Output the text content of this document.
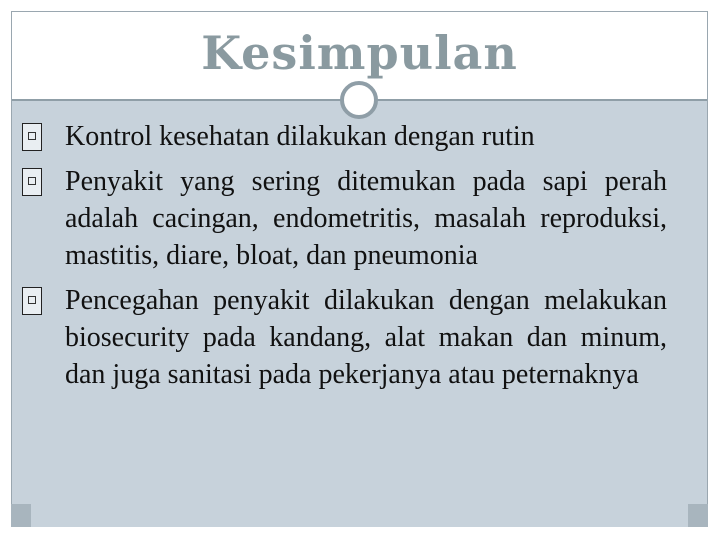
Kesimpulan
Kontrol kesehatan dilakukan dengan rutin
Penyakit yang sering ditemukan pada sapi perah adalah cacingan, endometritis, masalah reproduksi, mastitis, diare, bloat, dan pneumonia
Pencegahan penyakit dilakukan dengan melakukan biosecurity pada kandang, alat makan dan minum, dan juga sanitasi pada pekerjanya atau peternaknya
